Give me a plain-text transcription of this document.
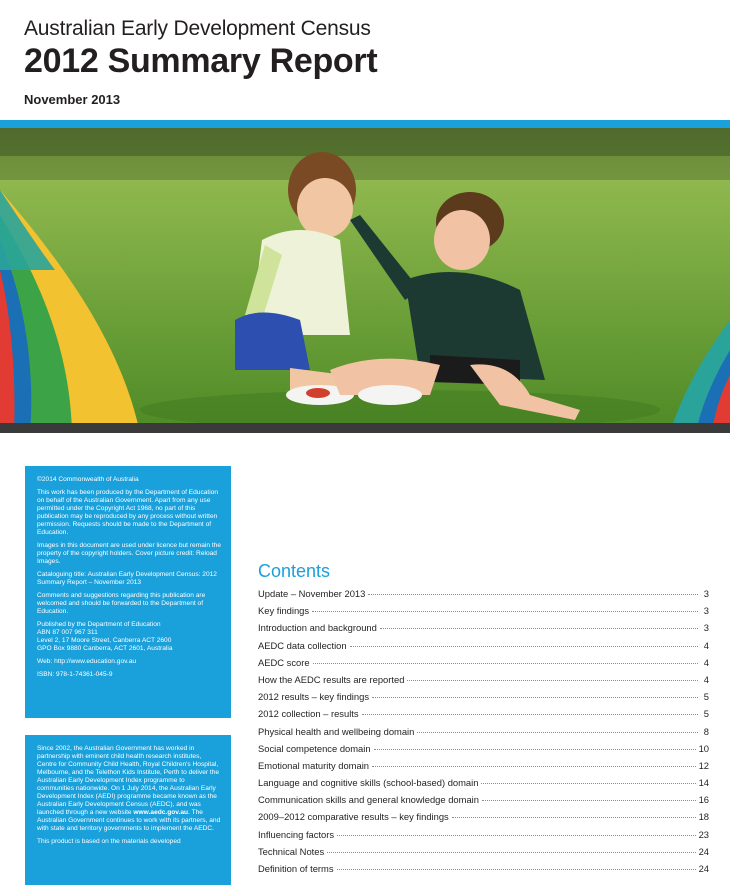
Australian Early Development Census
2012 Summary Report
November 2013

©2014 Commonwealth of Australia

This work has been produced by the Department of Education on behalf of the Australian Government. Apart from any use permitted under the Copyright Act 1968, no part of this publication may be reproduced by any process without written permission. Requests should be made to the Department of Education.

Images in this document are used under licence but remain the property of the copyright holders. Cover picture credit: Reload Images.

Cataloguing title: Australian Early Development Census: 2012 Summary Report – November 2013

Comments and suggestions regarding this publication are welcomed and should be forwarded to the Department of Education.

Published by the Department of Education
ABN 87 007 967 311
Level 2, 17 Moore Street, Canberra ACT 2600
GPO Box 9880 Canberra, ACT 2601, Australia

Web: http://www.education.gov.au

ISBN: 978-1-74361-045-9

Since 2002, the Australian Government has worked in partnership with eminent child health research institutes, Centre for Community Child Health, Royal Children's Hospital, Melbourne, and the Telethon Kids Institute, Perth to deliver the Australian Early Development Index programme to communities nationwide. On 1 July 2014, the Australian Early Development Index (AEDI) programme became known as the Australian Early Development Census (AEDC), and was launched through a new website www.aedc.gov.au. The Australian Government continues to work with its partners, and with state and territory governments to implement the AEDC.

This product is based on the materials developed

Contents
Update – November 2013	3
Key findings	3
Introduction and background	3
AEDC data collection	4
AEDC score	4
How the AEDC results are reported	4
2012 results – key findings	5
2012 collection – results	5
Physical health and wellbeing domain	8
Social competence domain	10
Emotional maturity domain	12
Language and cognitive skills (school-based) domain	14
Communication skills and general knowledge domain	16
2009–2012 comparative results – key findings	18
Influencing factors	23
Technical Notes	24
Definition of terms	24
